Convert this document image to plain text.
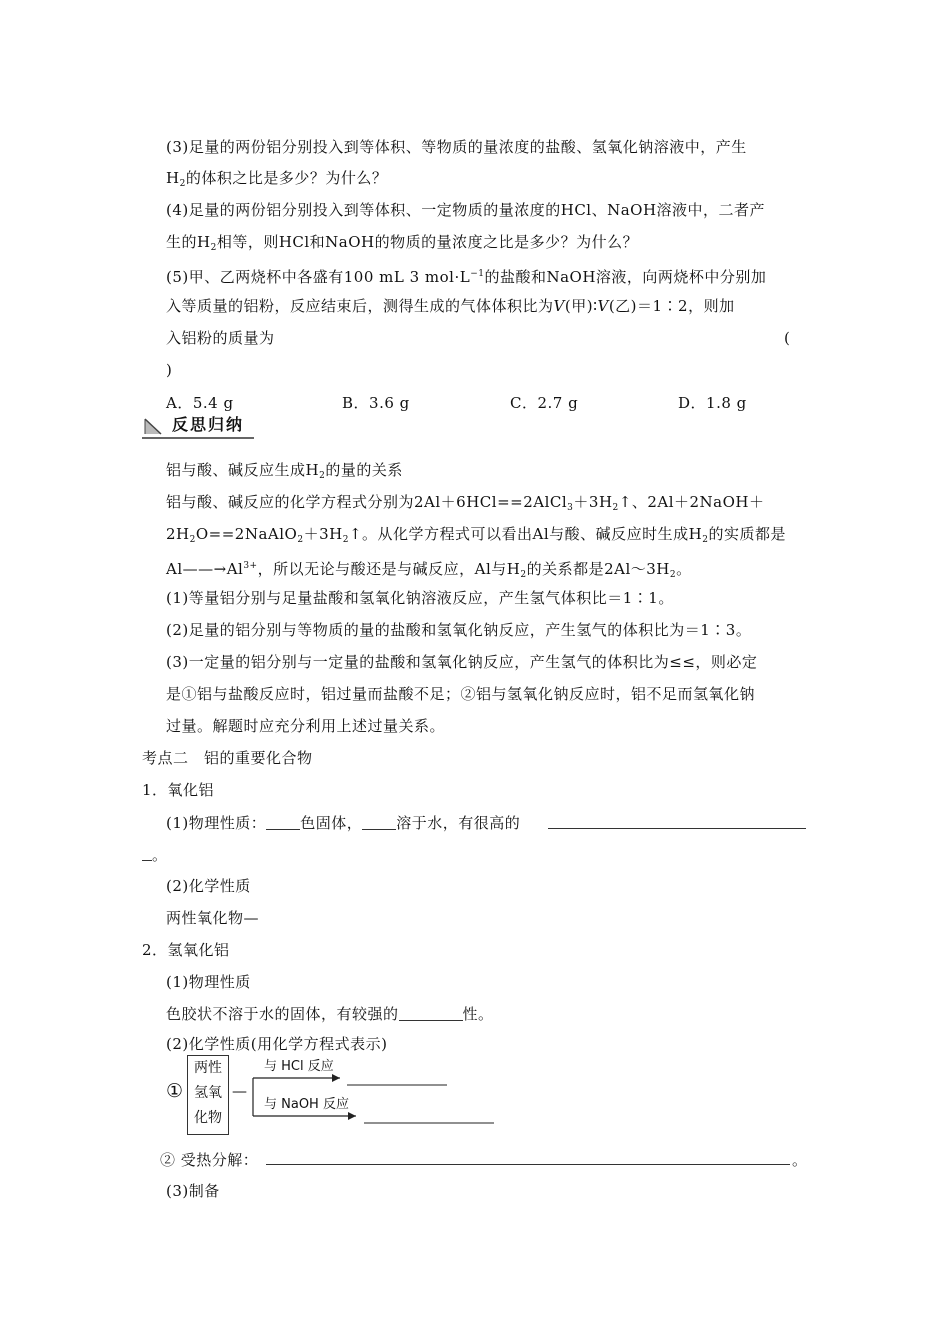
(3)足量的两份铝分别投入到等体积、等物质的量浓度的盐酸、氢氧化钠溶液中，产生
$H_2$的体积之比是多少？为什么？
(4)足量的两份铝分别投入到等体积、一定物质的量浓度的HCl、NaOH溶液中，二者产
生的$H_2$相等，则HCl和NaOH的物质的量浓度之比是多少？为什么？
(5)甲、乙两烧杯中各盛有100 mL 3 $mol\cdot L^{-1}$的盐酸和NaOH溶液，向两烧杯中分别加
入等质量的铝粉，反应结束后，测得生成的气体体积比为V(甲)∶V(乙)＝1∶2，则加
入铝粉的质量为	(
)
A．5.4 g	B．3.6 g	C．2.7 g	D．1.8 g
反思归纳
铝与酸、碱反应生成$H_2$的量的关系
铝与酸、碱反应的化学方程式分别为$2Al+6HCl==2AlCl_3+3H_2↑$、2Al＋2NaOH＋
$2H_2O==2NaAlO_2+3H_2↑$。从化学方程式可以看出Al与酸、碱反应时生成$H_2$的实质都是
$Al——\to Al^{3+}$，所以无论与酸还是与碱反应，Al与$H_2$的关系都是$2Al\sim 3H_2$。
(1)等量铝分别与足量盐酸和氢氧化钠溶液反应，产生氢气体积比＝1∶1。
(2)足量的铝分别与等物质的量的盐酸和氢氧化钠反应，产生氢气的体积比为＝1∶3。
(3)一定量的铝分别与一定量的盐酸和氢氧化钠反应，产生氢气的体积比为≤≤，则必定
是①铝与盐酸反应时，铝过量而盐酸不足；②铝与氢氧化钠反应时，铝不足而氢氧化钠
过量。解题时应充分利用上述过量关系。
考点二　铝的重要化合物
1．氧化铝
(1)物理性质： 色固体， 溶于水，有很高的
。
(2)化学性质
两性氧化物—
2．氢氧化铝
(1)物理性质
色胶状不溶于水的固体，有较强的	性。
(2)化学性质(用化学方程式表示)
①
两性
氢氧
化物
—
与 HCl 反应
与 NaOH 反应
② 受热分解：	。
(3)制备
